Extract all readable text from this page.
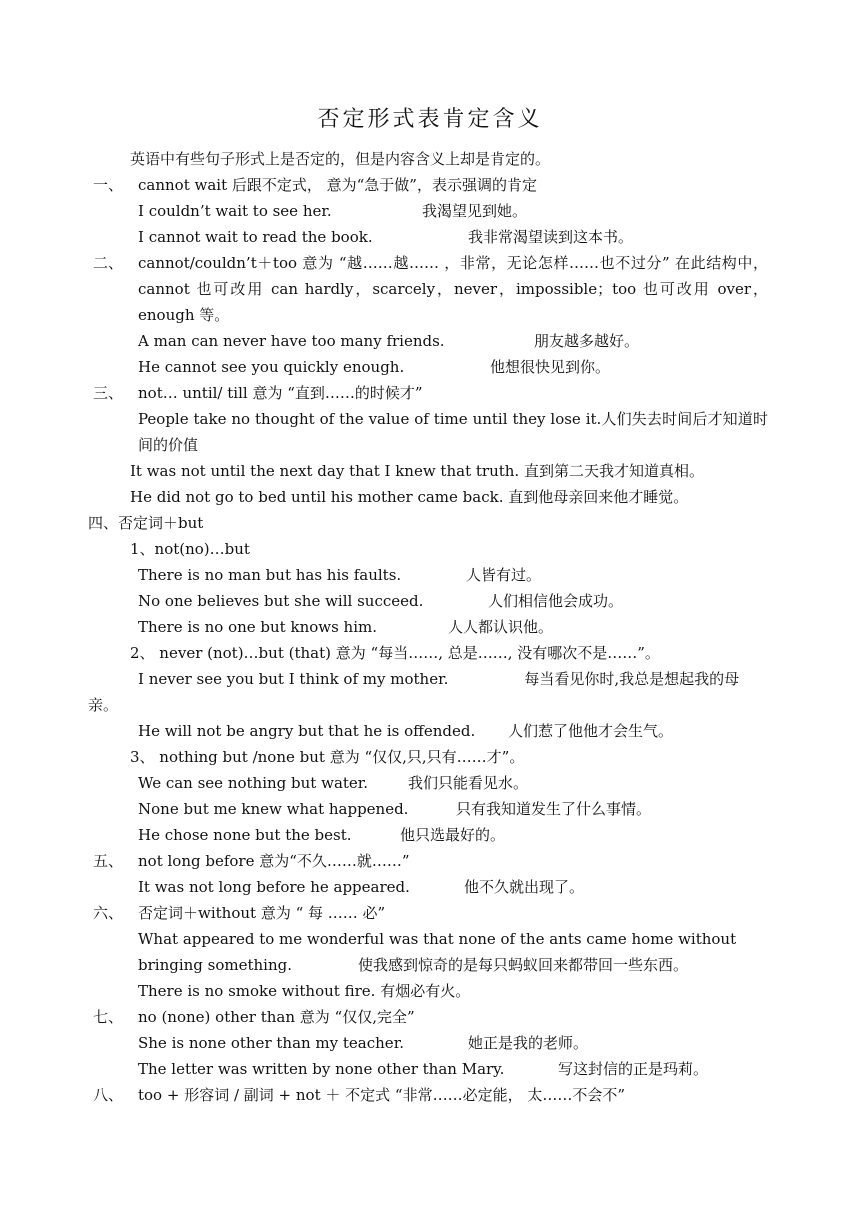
否定形式表肯定含义
英语中有些句子形式上是否定的，但是内容含义上却是肯定的。
一、 cannot wait 后跟不定式， 意为“急于做”，表示强调的肯定
I couldn’t wait to see her.	我渴望见到她。
I cannot wait to read the book.	我非常渴望读到这本书。
二、 cannot/couldn’t＋too 意为 “越……越…… ，非常，无论怎样……也不过分” 在此结构中，cannot 也可改用 can hardly，scarcely，never，impossible；too 也可改用 over，enough 等。
A man can never have too many friends.	朋友越多越好。
He cannot see you quickly enough.	他想很快见到你。
三、 not… until/ till 意为 “直到……的时候才”
People take no thought of the value of time until they lose it.人们失去时间后才知道时间的价值
It was not until the next day that I knew that truth. 直到第二天我才知道真相。
He did not go to bed until his mother came back. 直到他母亲回来他才睡觉。
四、否定词＋but
1、not(no)…but
There is no man but has his faults.	人皆有过。
No one believes but she will succeed.	人们相信他会成功。
There is no one but knows him.	人人都认识他。
2、 never (not)…but (that) 意为 “每当……, 总是……, 没有哪次不是……”。
I never see you but I think of my mother.	每当看见你时,我总是想起我的母亲。
He will not be angry but that he is offended. 人们惹了他他才会生气。
3、 nothing but /none but 意为 “仅仅,只,只有……才”。
We can see nothing but water.	我们只能看见水。
None but me knew what happened.	只有我知道发生了什么事情。
He chose none but the best.	他只选最好的。
五、 not long before 意为“不久……就……”
It was not long before he appeared.	他不久就出现了。
六、 否定词＋without 意为 “ 每 …… 必”
What appeared to me wonderful was that none of the ants came home without bringing something.	使我感到惊奇的是每只蚂蚁回来都带回一些东西。
There is no smoke without fire. 有烟必有火。
七、 no (none) other than 意为 “仅仅,完全”
She is none other than my teacher.	她正是我的老师。
The letter was written by none other than Mary.	写这封信的正是玛莉。
八、 too + 形容词 / 副词 + not ＋ 不定式 “非常……必定能， 太……不会不”
